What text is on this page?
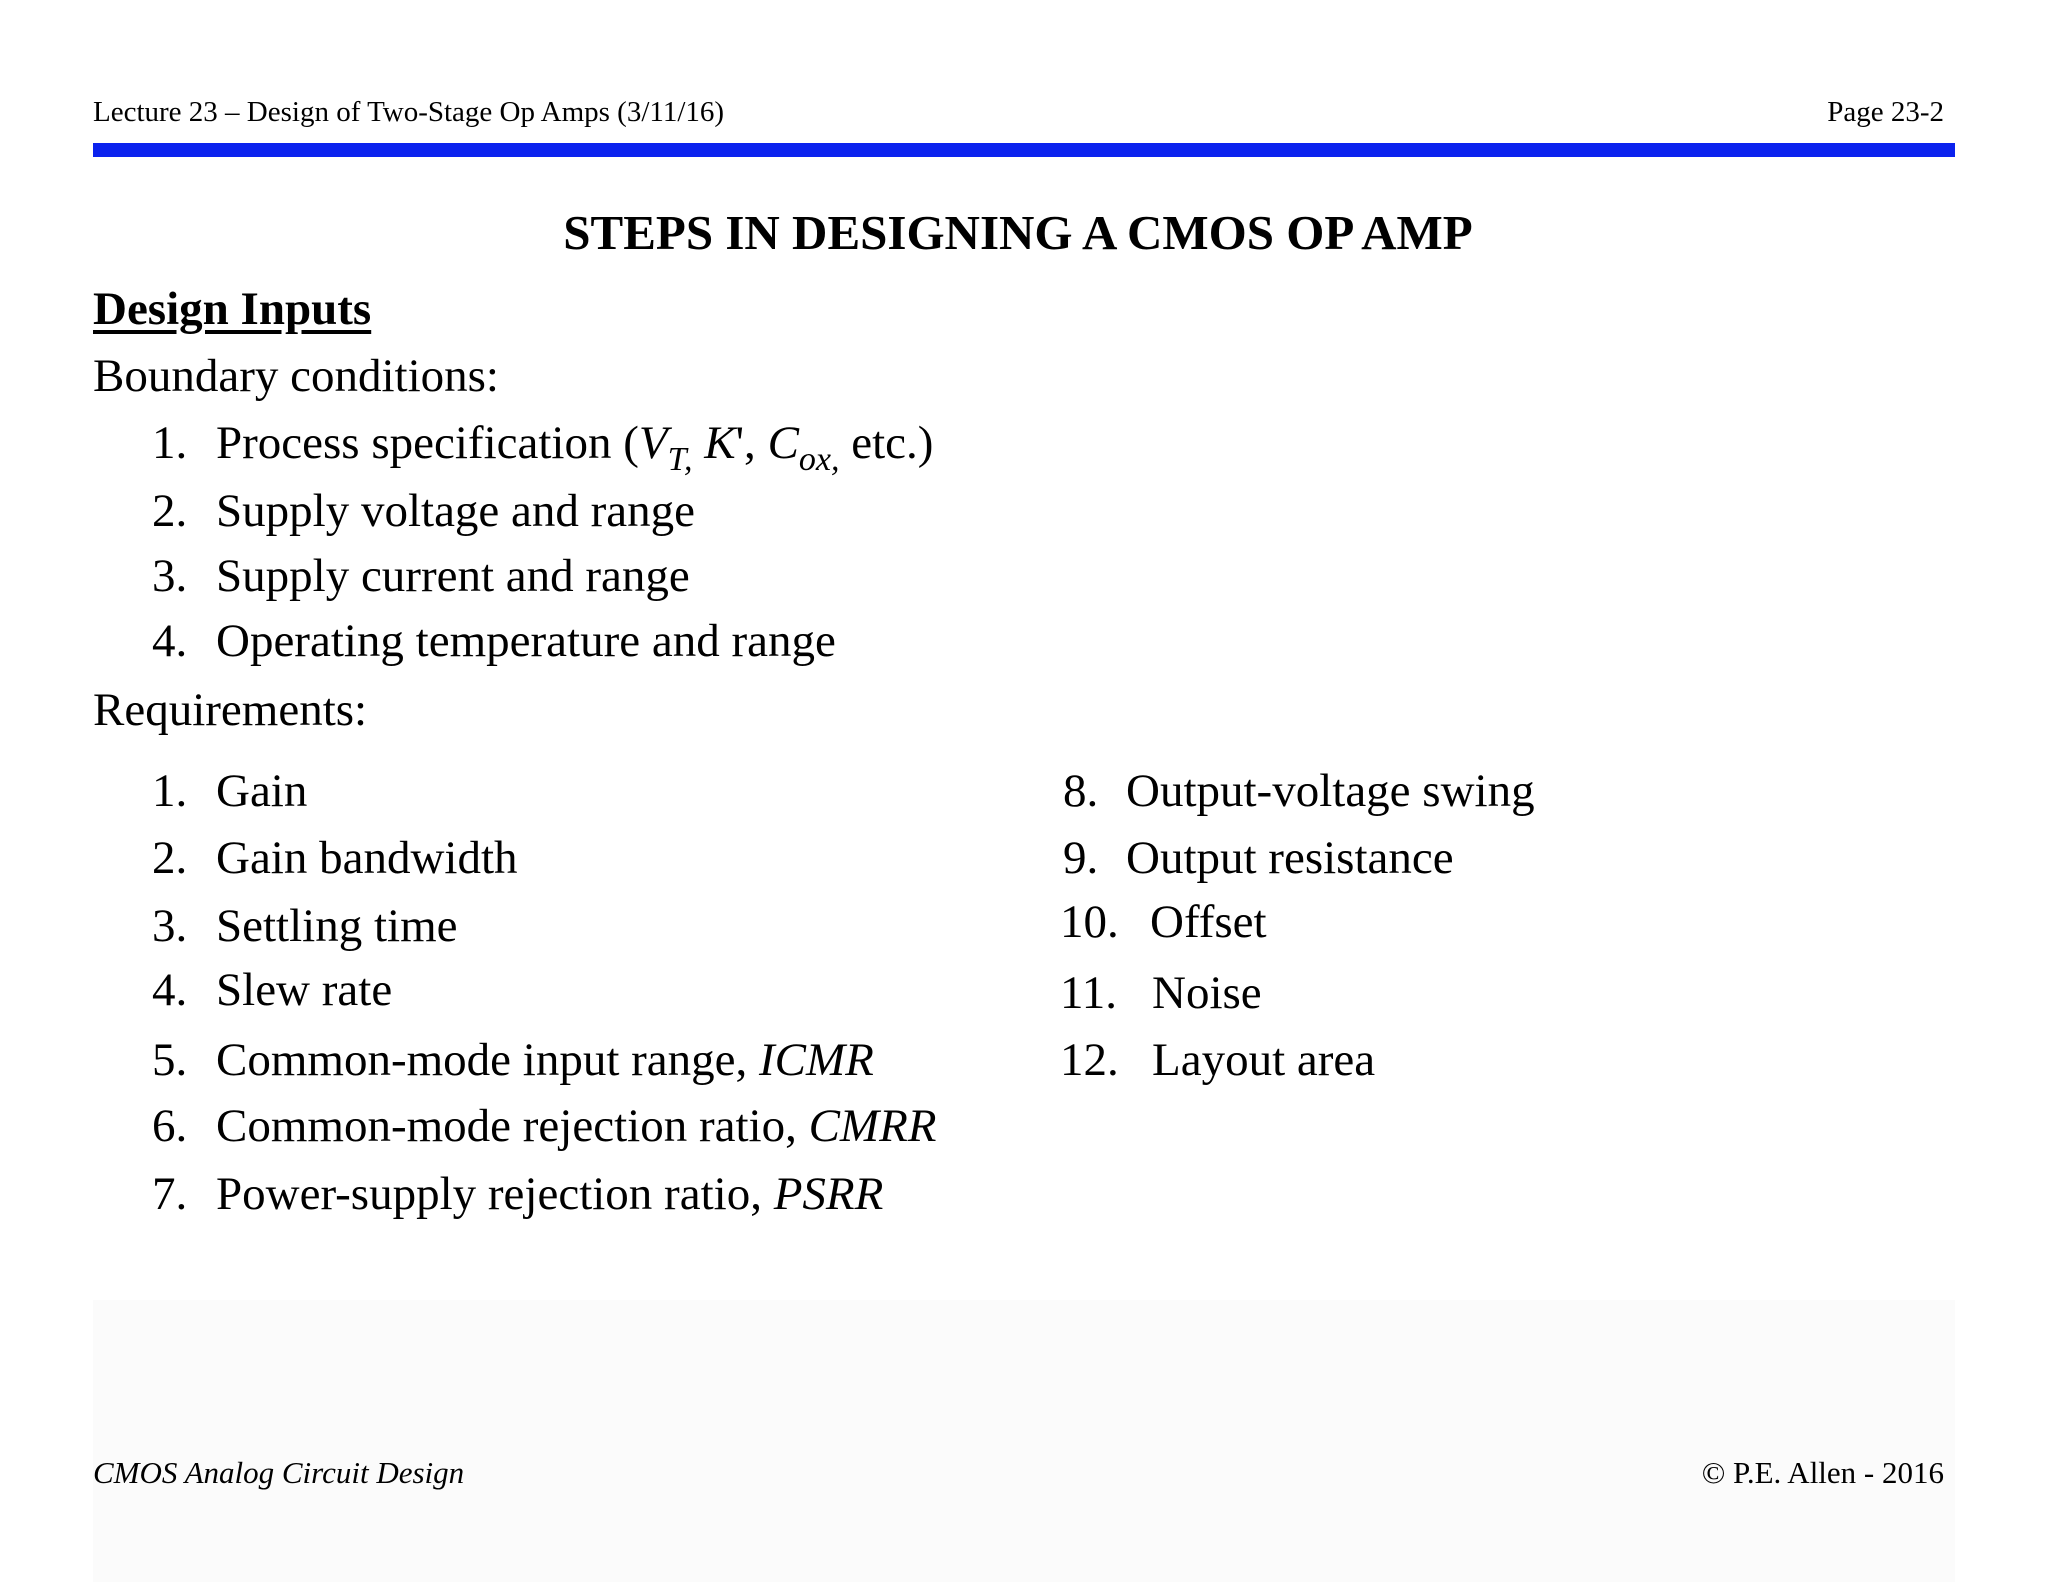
Lecture 23 – Design of Two-Stage Op Amps (3/11/16)	Page 23-2
STEPS IN DESIGNING A CMOS OP AMP
Design Inputs
Boundary conditions:
1. Process specification ($V_{T,}$ K', $C_{ox,}$ etc.)
2. Supply voltage and range
3. Supply current and range
4. Operating temperature and range
Requirements:
1. Gain
2. Gain bandwidth
3. Settling time
4. Slew rate
5. Common-mode input range, ICMR
6. Common-mode rejection ratio, CMRR
7. Power-supply rejection ratio, PSRR
8. Output-voltage swing
9. Output resistance
10. Offset
11. Noise
12. Layout area
CMOS Analog Circuit Design	© P.E. Allen - 2016
